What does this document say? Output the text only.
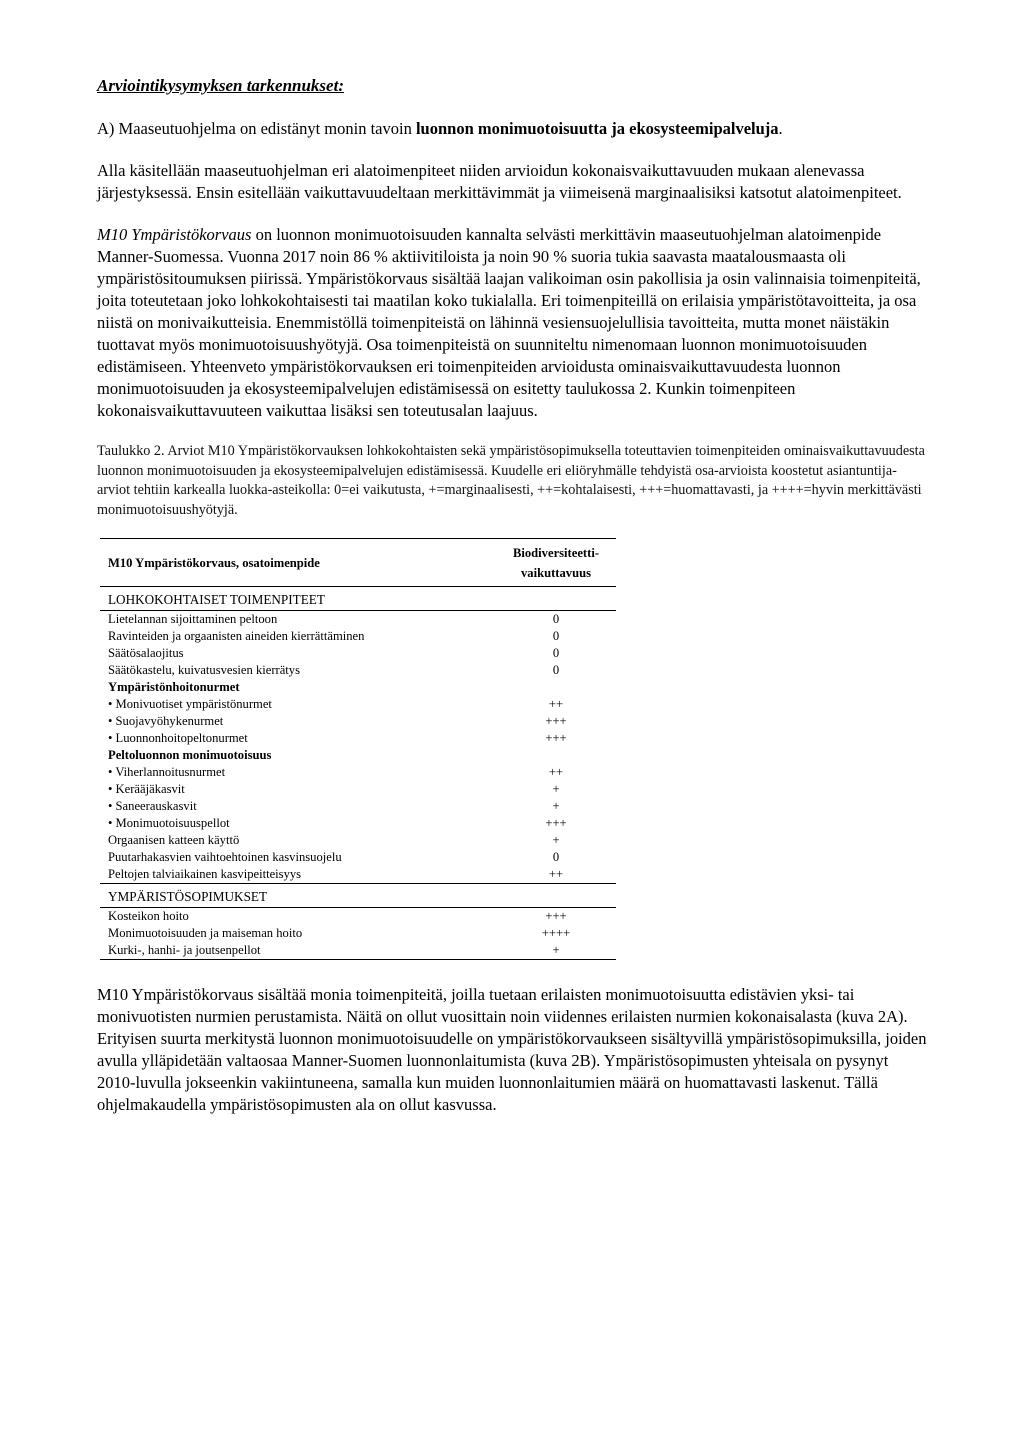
Arviointikysymyksen tarkennukset:

A) Maaseutuohjelma on edistänyt monin tavoin luonnon monimuotoisuutta ja ekosysteemipalveluja.

Alla käsitellään maaseutuohjelman eri alatoimenpiteet niiden arvioidun kokonaisvaikuttavuuden mukaan alenevassa järjestyksessä. Ensin esitellään vaikuttavuudeltaan merkittävimmät ja viimeisenä marginaalisiksi katsotut alatoimenpiteet.

M10 Ympäristökorvaus on luonnon monimuotoisuuden kannalta selvästi merkittävin maaseutuohjelman alatoimenpide Manner-Suomessa. Vuonna 2017 noin 86 % aktiivitiloista ja noin 90 % suoria tukia saavasta maatalousmaasta oli ympäristösitoumuksen piirissä. Ympäristökorvaus sisältää laajan valikoiman osin pakollisia ja osin valinnaisia toimenpiteitä, joita toteutetaan joko lohkokohtaisesti tai maatilan koko tukialalla. Eri toimenpiteillä on erilaisia ympäristötavoitteita, ja osa niistä on monivaikutteisia. Enemmistöllä toimenpiteistä on lähinnä vesiensuojelullisia tavoitteita, mutta monet näistäkin tuottavat myös monimuotoisuushyötyjä. Osa toimenpiteistä on suunniteltu nimenomaan luonnon monimuotoisuuden edistämiseen. Yhteenveto ympäristökorvauksen eri toimenpiteiden arvioidusta ominaisvaikuttavuudesta luonnon monimuotoisuuden ja ekosysteemipalvelujen edistämisessä on esitetty taulukossa 2. Kunkin toimenpiteen kokonaisvaikuttavuuteen vaikuttaa lisäksi sen toteutusalan laajuus.

Taulukko 2. Arviot M10 Ympäristökorvauksen lohkokohtaisten sekä ympäristösopimuksella toteuttavien toimenpiteiden ominaisvaikuttavuudesta luonnon monimuotoisuuden ja ekosysteemipalvelujen edistämisessä. Kuudelle eri eliöryhmälle tehdyistä osa-arvioista koostetut asiantuntija-arviot tehtiin karkealla luokka-asteikolla: 0=ei vaikutusta, +=marginaalisesti, ++=kohtalaisesti, +++=huomattavasti, ja ++++=hyvin merkittävästi monimuotoisuushyötyjä.

M10 Ympäristökorvaus, osatoimenpide	Biodiversiteetti-
vaikuttavuus
LOHKOKOHTAISET TOIMENPITEET	
Lietelannan sijoittaminen peltoon	0
Ravinteiden ja orgaanisten aineiden kierrättäminen	0
Säätösalaojitus	0
Säätökastelu, kuivatusvesien kierrätys	0
Ympäristönhoitonurmet	
• Monivuotiset ympäristönurmet	++
• Suojavyöhykenurmet	+++
• Luonnonhoitopeltonurmet	+++
Peltoluonnon monimuotoisuus	
• Viherlannoitusnurmet	++
• Kerääjäkasvit	+
• Saneerauskasvit	+
• Monimuotoisuuspellot	+++
Orgaanisen katteen käyttö	+
Puutarhakasvien vaihtoehtoinen kasvinsuojelu	0
Peltojen talviaikainen kasvipeitteisyys	++
YMPÄRISTÖSOPIMUKSET	
Kosteikon hoito	+++
Monimuotoisuuden ja maiseman hoito	++++
Kurki-, hanhi- ja joutsenpellot	+

M10 Ympäristökorvaus sisältää monia toimenpiteitä, joilla tuetaan erilaisten monimuotoisuutta edistävien yksi- tai monivuotisten nurmien perustamista. Näitä on ollut vuosittain noin viidennes erilaisten nurmien kokonaisalasta (kuva 2A). Erityisen suurta merkitystä luonnon monimuotoisuudelle on ympäristökorvaukseen sisältyvillä ympäristösopimuksilla, joiden avulla ylläpidetään valtaosaa Manner-Suomen luonnonlaitumista (kuva 2B). Ympäristösopimusten yhteisala on pysynyt 2010-luvulla jokseenkin vakiintuneena, samalla kun muiden luonnonlaitumien määrä on huomattavasti laskenut. Tällä ohjelmakaudella ympäristösopimusten ala on ollut kasvussa.
